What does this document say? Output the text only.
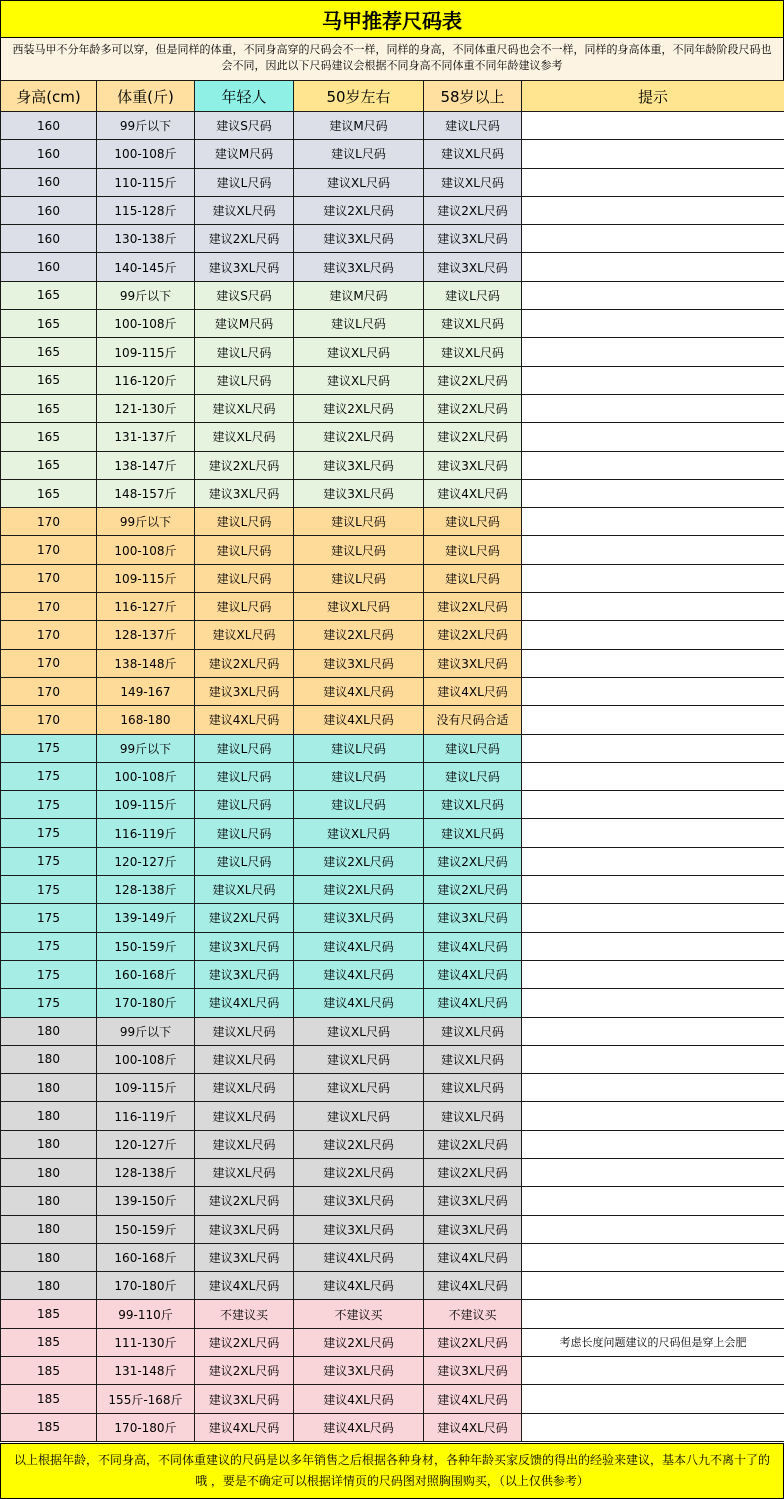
马甲推荐尺码表
西装马甲不分年龄多可以穿，但是同样的体重，不同身高穿的尺码会不一样，同样的身高，不同体重尺码也会不一样，同样的身高体重，不同年龄阶段尺码也会不同，因此以下尺码建议会根据不同身高不同体重不同年龄建议参考
身高(cm)	体重(斤)	年轻人	50岁左右	58岁以上	提示
160	99斤以下	建议S尺码	建议M尺码	建议L尺码	
160	100-108斤	建议M尺码	建议L尺码	建议XL尺码	
160	110-115斤	建议L尺码	建议XL尺码	建议XL尺码	
160	115-128斤	建议XL尺码	建议2XL尺码	建议2XL尺码	
160	130-138斤	建议2XL尺码	建议3XL尺码	建议3XL尺码	
160	140-145斤	建议3XL尺码	建议3XL尺码	建议3XL尺码	
165	99斤以下	建议S尺码	建议M尺码	建议L尺码	
165	100-108斤	建议M尺码	建议L尺码	建议XL尺码	
165	109-115斤	建议L尺码	建议XL尺码	建议XL尺码	
165	116-120斤	建议L尺码	建议XL尺码	建议2XL尺码	
165	121-130斤	建议XL尺码	建议2XL尺码	建议2XL尺码	
165	131-137斤	建议XL尺码	建议2XL尺码	建议2XL尺码	
165	138-147斤	建议2XL尺码	建议3XL尺码	建议3XL尺码	
165	148-157斤	建议3XL尺码	建议3XL尺码	建议4XL尺码	
170	99斤以下	建议L尺码	建议L尺码	建议L尺码	
170	100-108斤	建议L尺码	建议L尺码	建议L尺码	
170	109-115斤	建议L尺码	建议L尺码	建议L尺码	
170	116-127斤	建议L尺码	建议XL尺码	建议2XL尺码	
170	128-137斤	建议XL尺码	建议2XL尺码	建议2XL尺码	
170	138-148斤	建议2XL尺码	建议3XL尺码	建议3XL尺码	
170	149-167	建议3XL尺码	建议4XL尺码	建议4XL尺码	
170	168-180	建议4XL尺码	建议4XL尺码	没有尺码合适	
175	99斤以下	建议L尺码	建议L尺码	建议L尺码	
175	100-108斤	建议L尺码	建议L尺码	建议L尺码	
175	109-115斤	建议L尺码	建议L尺码	建议XL尺码	
175	116-119斤	建议L尺码	建议XL尺码	建议XL尺码	
175	120-127斤	建议L尺码	建议2XL尺码	建议2XL尺码	
175	128-138斤	建议XL尺码	建议2XL尺码	建议2XL尺码	
175	139-149斤	建议2XL尺码	建议3XL尺码	建议3XL尺码	
175	150-159斤	建议3XL尺码	建议4XL尺码	建议4XL尺码	
175	160-168斤	建议3XL尺码	建议4XL尺码	建议4XL尺码	
175	170-180斤	建议4XL尺码	建议4XL尺码	建议4XL尺码	
180	99斤以下	建议XL尺码	建议XL尺码	建议XL尺码	
180	100-108斤	建议XL尺码	建议XL尺码	建议XL尺码	
180	109-115斤	建议XL尺码	建议XL尺码	建议XL尺码	
180	116-119斤	建议XL尺码	建议XL尺码	建议XL尺码	
180	120-127斤	建议XL尺码	建议2XL尺码	建议2XL尺码	
180	128-138斤	建议XL尺码	建议2XL尺码	建议2XL尺码	
180	139-150斤	建议2XL尺码	建议3XL尺码	建议3XL尺码	
180	150-159斤	建议3XL尺码	建议3XL尺码	建议3XL尺码	
180	160-168斤	建议3XL尺码	建议4XL尺码	建议4XL尺码	
180	170-180斤	建议4XL尺码	建议4XL尺码	建议4XL尺码	
185	99-110斤	不建议买	不建议买	不建议买	
185	111-130斤	建议2XL尺码	建议2XL尺码	建议2XL尺码	考虑长度问题建议的尺码但是穿上会肥
185	131-148斤	建议2XL尺码	建议3XL尺码	建议3XL尺码	
185	155斤-168斤	建议3XL尺码	建议4XL尺码	建议4XL尺码	
185	170-180斤	建议4XL尺码	建议4XL尺码	建议4XL尺码	
以上根据年龄，不同身高，不同体重建议的尺码是以多年销售之后根据各种身材，各种年龄买家反馈的得出的经验来建议，基本八九不离十了的哦 ，要是不确定可以根据详情页的尺码图对照胸围购买，（以上仅供参考）
